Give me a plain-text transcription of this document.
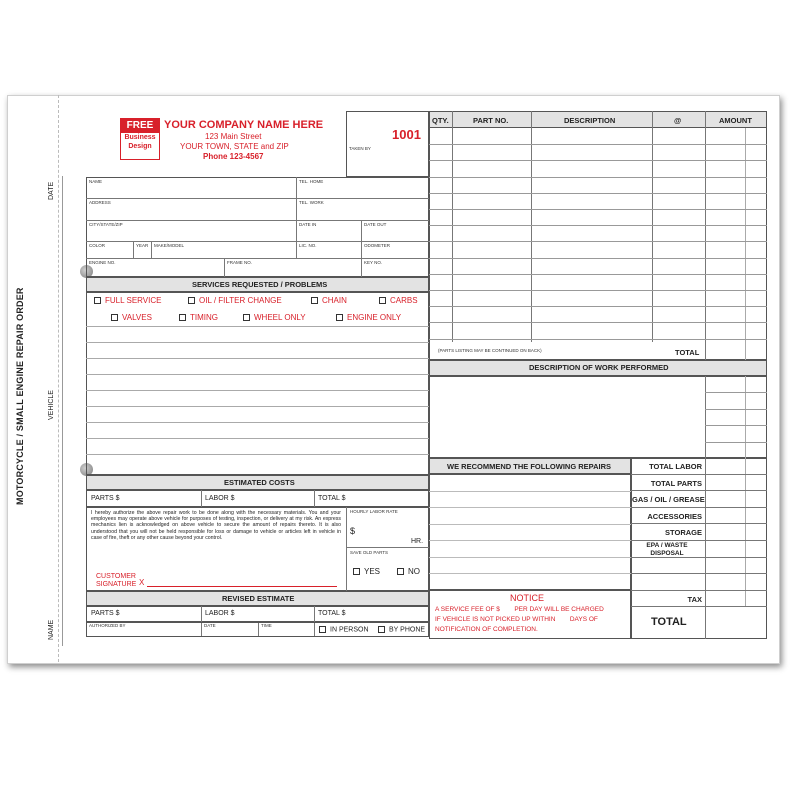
MOTORCYCLE / SMALL ENGINE REPAIR ORDER
DATE
VEHICLE
NAME
FREE
Business
Design
YOUR COMPANY NAME HERE
123 Main Street
YOUR TOWN, STATE and ZIP
Phone 123-4567
1001
TAKEN BY
NAME	TEL. HOME
ADDRESS	TEL. WORK
CITY/STATE/ZIP	DATE IN	DATE OUT
COLOR	YEAR MAKE/MODEL	LIC. NO.	ODOMETER
ENGINE NO.	FRAME NO.	KEY NO.
SERVICES REQUESTED / PROBLEMS
FULL SERVICE	OIL / FILTER CHANGE	CHAIN	CARBS
VALVES	TIMING	WHEEL ONLY	ENGINE ONLY
ESTIMATED COSTS
PARTS $	LABOR $	TOTAL $
I hereby authorize the above repair work to be done along with the necessary materials. You and your employees may operate above vehicle for purposes of testing, inspection, or delivery at my risk. An express mechanics lien is acknowledged on above vehicle to secure the amount of repairs thereto. It is also understood that you will not be held responsible for loss or damage to vehicle or articles left in vehicle in case of fire, theft or any other cause beyond your control.
HOURLY LABOR RATE
$
HR.
SAVE OLD PARTS
YES	NO
CUSTOMER
SIGNATURE X
REVISED ESTIMATE
PARTS $	LABOR $	TOTAL $
AUTHORIZED BY	DATE	TIME
IN PERSON	BY PHONE
QTY.	PART NO.	DESCRIPTION	@	AMOUNT
(PARTS LISTING MAY BE CONTINUED ON BACK)	TOTAL
DESCRIPTION OF WORK PERFORMED
WE RECOMMEND THE FOLLOWING REPAIRS	TOTAL LABOR
TOTAL PARTS
GAS / OIL / GREASE
ACCESSORIES
STORAGE
EPA / WASTE DISPOSAL
TAX
NOTICE
A SERVICE FEE OF $        PER DAY WILL BE CHARGED
IF VEHICLE IS NOT PICKED UP WITHIN        DAYS OF
NOTIFICATION OF COMPLETION.
TOTAL
